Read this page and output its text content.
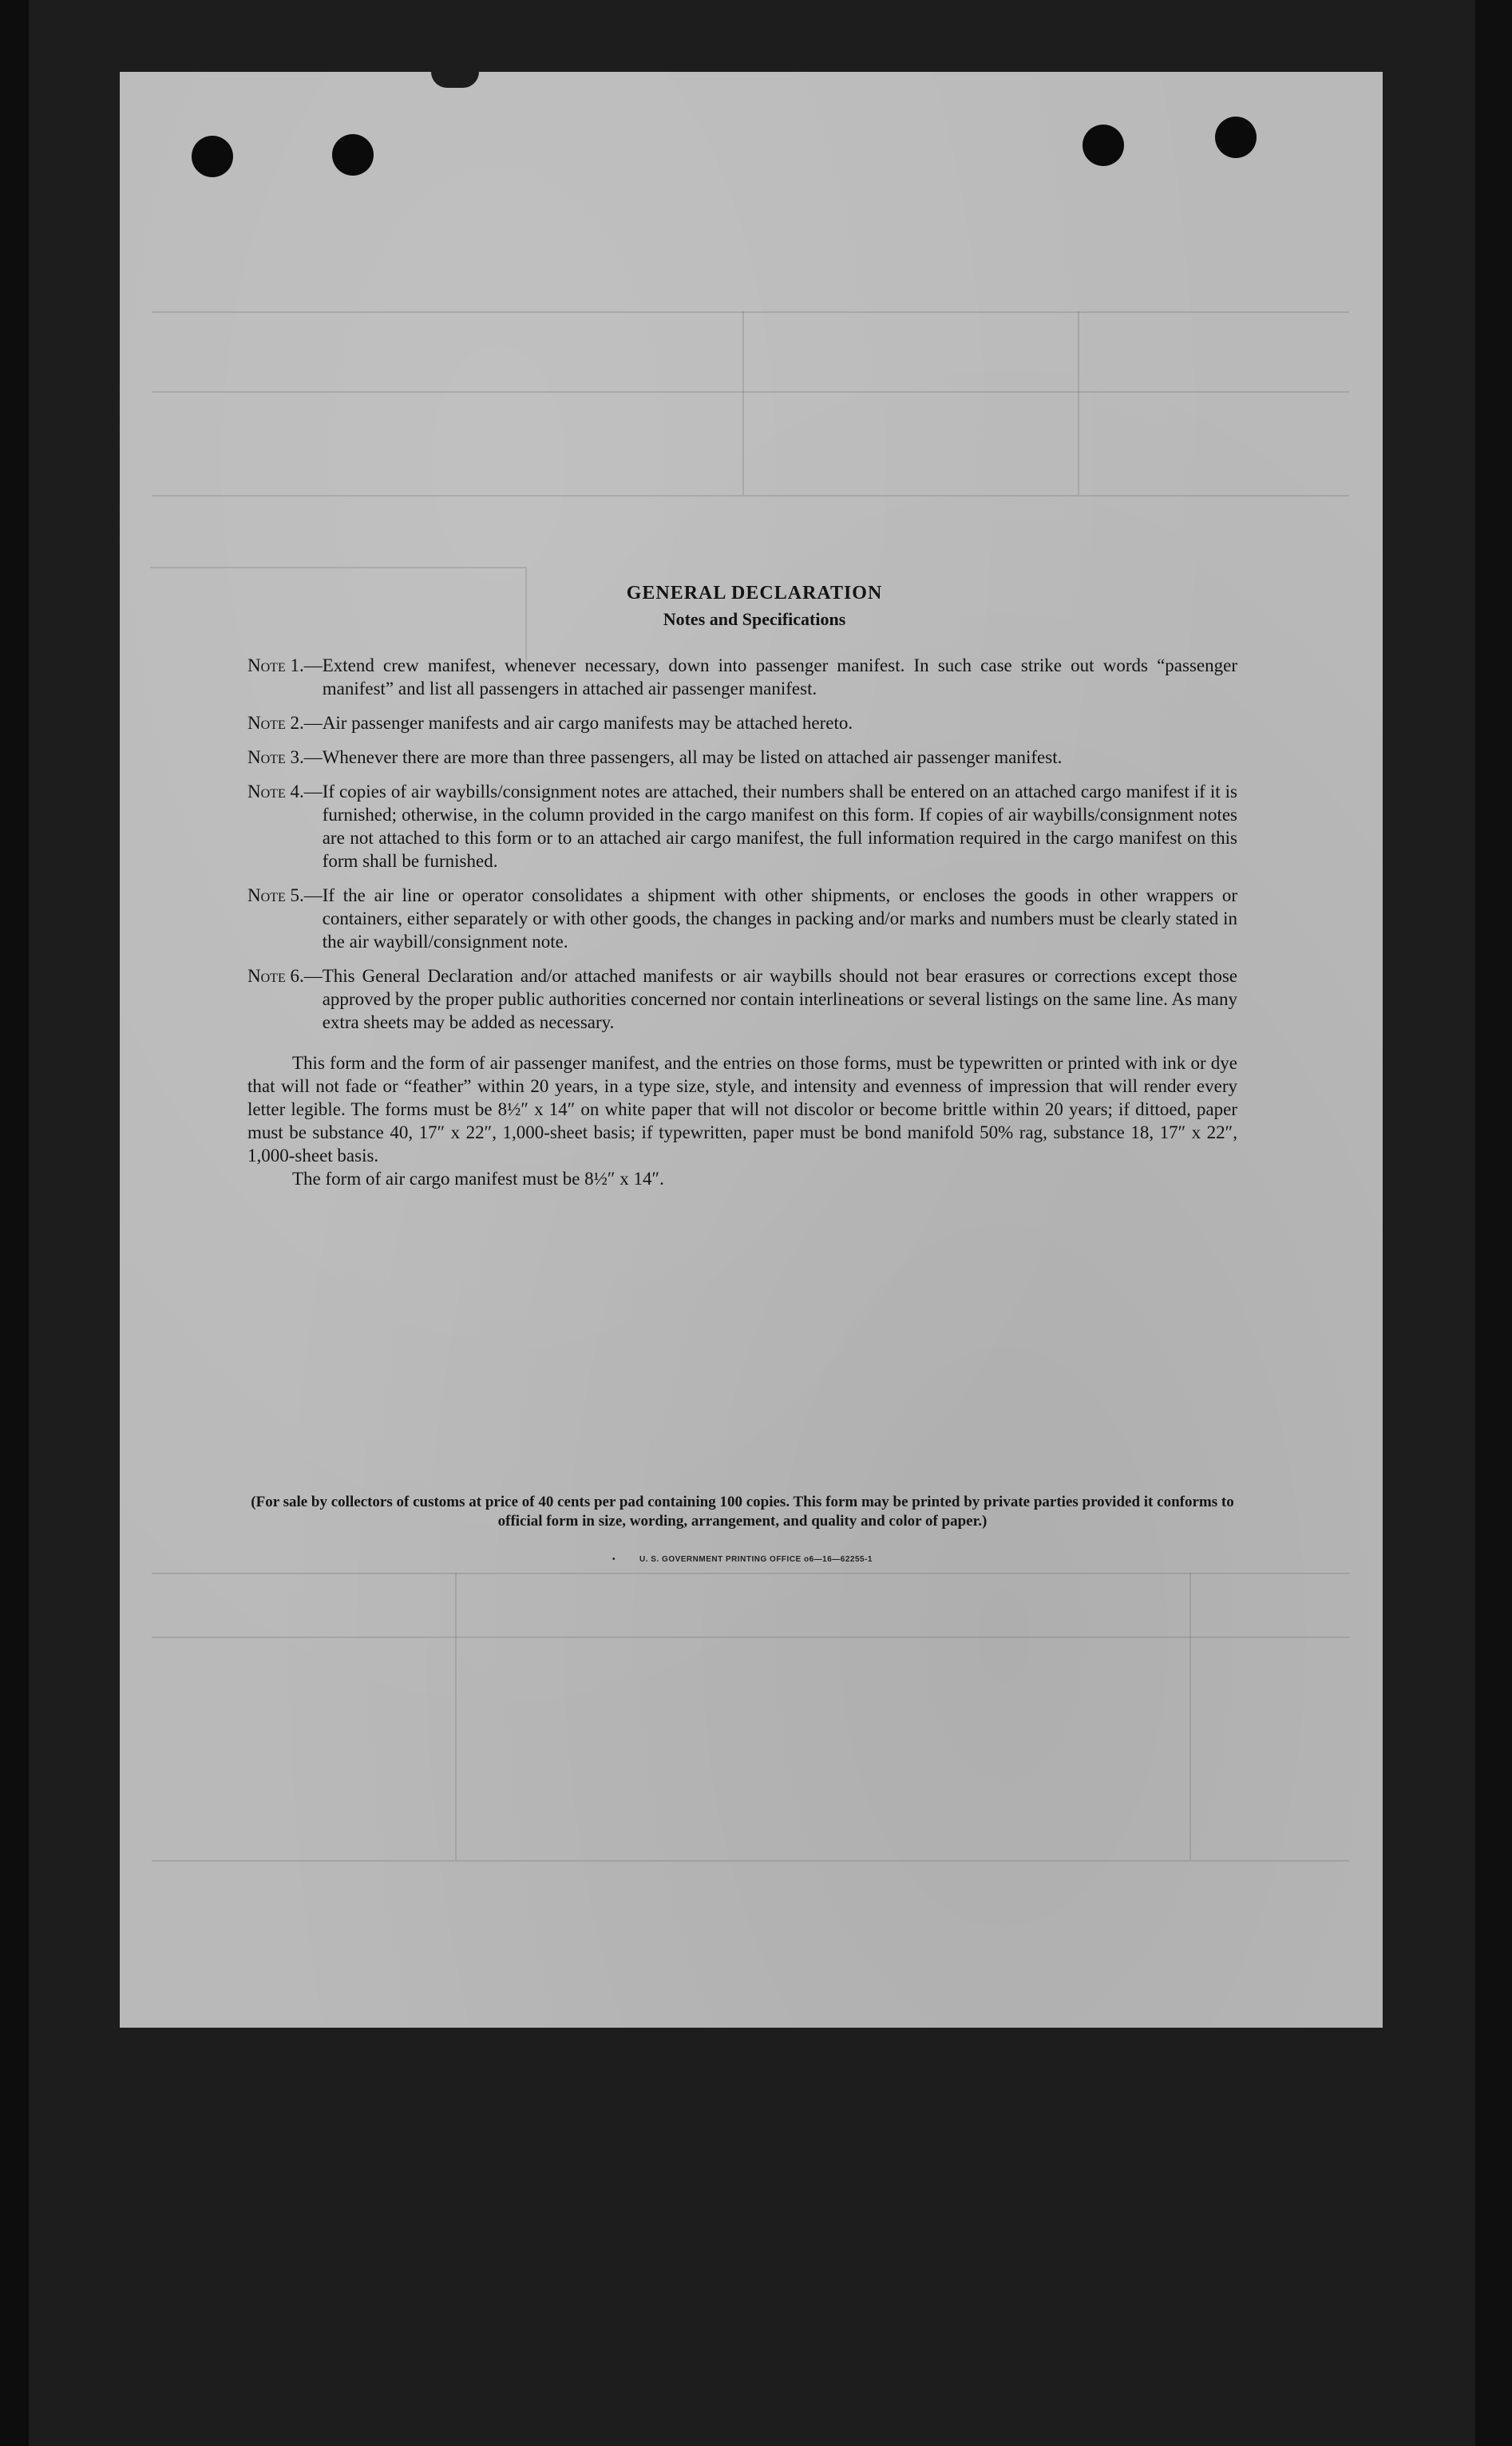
GENERAL DECLARATION
Notes and Specifications
Note 1. — Extend crew manifest, whenever necessary, down into passenger manifest. In such case strike out words “passenger manifest” and list all passengers in attached air passenger manifest.
Note 2. — Air passenger manifests and air cargo manifests may be attached hereto.
Note 3. — Whenever there are more than three passengers, all may be listed on attached air passenger manifest.
Note 4. — If copies of air waybills/consignment notes are attached, their numbers shall be entered on an attached cargo manifest if it is furnished; otherwise, in the column provided in the cargo manifest on this form. If copies of air waybills/consignment notes are not attached to this form or to an attached air cargo manifest, the full information required in the cargo manifest on this form shall be furnished.
Note 5. — If the air line or operator consolidates a shipment with other shipments, or encloses the goods in other wrappers or containers, either separately or with other goods, the changes in packing and/or marks and numbers must be clearly stated in the air waybill/consignment note.
Note 6. — This General Declaration and/or attached manifests or air waybills should not bear erasures or corrections except those approved by the proper public authorities concerned nor contain interlineations or several listings on the same line. As many extra sheets may be added as necessary.
This form and the form of air passenger manifest, and the entries on those forms, must be typewritten or printed with ink or dye that will not fade or “feather” within 20 years, in a type size, style, and intensity and evenness of impression that will render every letter legible. The forms must be 8½″ x 14″ on white paper that will not discolor or become brittle within 20 years; if dittoed, paper must be substance 40, 17″ x 22″, 1,000-sheet basis; if typewritten, paper must be bond manifold 50% rag, substance 18, 17″ x 22″, 1,000-sheet basis.
The form of air cargo manifest must be 8½″ x 14″.
(For sale by collectors of customs at price of 40 cents per pad containing 100 copies. This form may be printed by private parties provided it conforms to official form in size, wording, arrangement, and quality and color of paper.)
•	U. S. GOVERNMENT PRINTING OFFICE o6—16—62255-1
